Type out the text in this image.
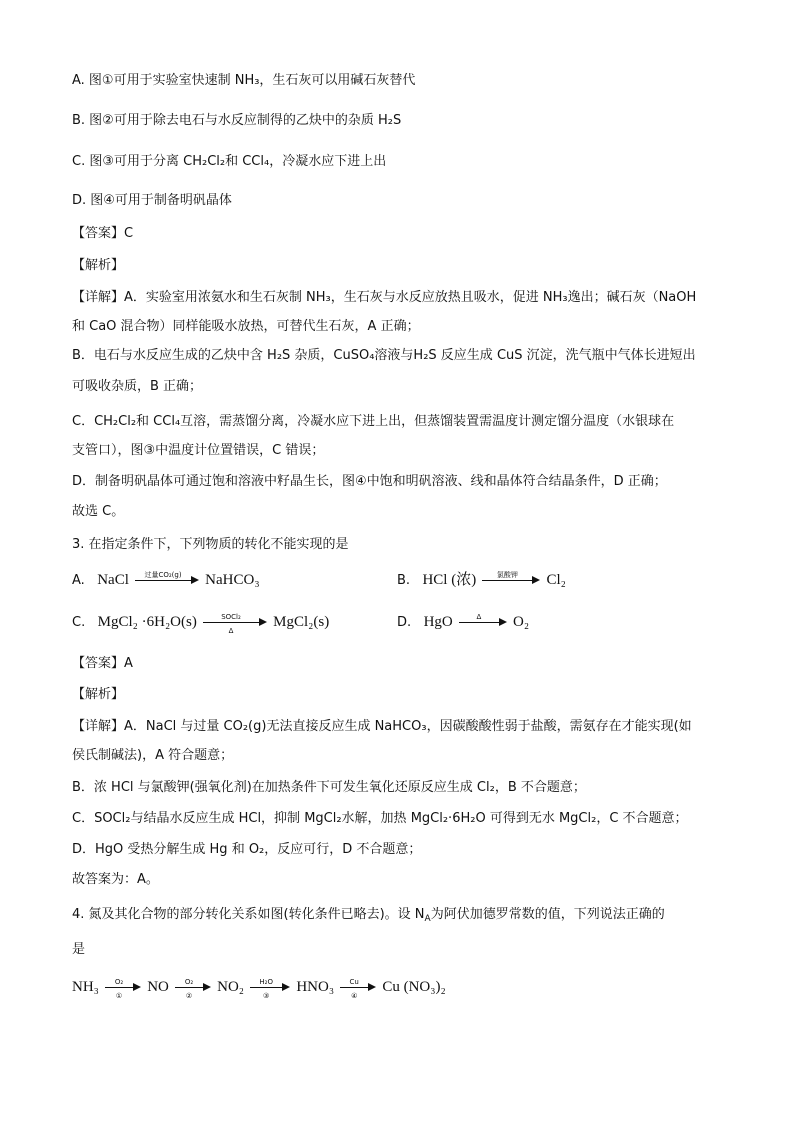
A. 图①可用于实验室快速制 NH₃，生石灰可以用碱石灰替代
B. 图②可用于除去电石与水反应制得的乙炔中的杂质 H₂S
C. 图③可用于分离 CH₂Cl₂和 CCl₄，冷凝水应下进上出
D. 图④可用于制备明矾晶体
【答案】C
【解析】
【详解】A．实验室用浓氨水和生石灰制 NH₃，生石灰与水反应放热且吸水，促进 NH₃逸出；碱石灰（NaOH
和 CaO 混合物）同样能吸水放热，可替代生石灰，A 正确；
B．电石与水反应生成的乙炔中含 H₂S 杂质，CuSO₄溶液与H₂S 反应生成 CuS 沉淀，洗气瓶中气体长进短出
可吸收杂质，B 正确；
C．CH₂Cl₂和 CCl₄互溶，需蒸馏分离，冷凝水应下进上出，但蒸馏装置需温度计测定馏分温度（水银球在
支管口），图③中温度计位置错误，C 错误；
D．制备明矾晶体可通过饱和溶液中籽晶生长，图④中饱和明矾溶液、线和晶体符合结晶条件，D 正确；
故选 C。
3. 在指定条件下，下列物质的转化不能实现的是
A. NaCl	过量CO₂(g)	NaHCO₃	B. HCl (浓)	氯酸钾	Cl₂
C. MgCl₂ ·6H₂O(s)	SOCl₂
Δ
MgCl₂(s)	D. HgO	Δ	O₂
【答案】A
【解析】
【详解】A．NaCl 与过量 CO₂(g)无法直接反应生成 NaHCO₃，因碳酸酸性弱于盐酸，需氨存在才能实现(如
侯氏制碱法)，A 符合题意；
B．浓 HCl 与氯酸钾(强氧化剂)在加热条件下可发生氧化还原反应生成 Cl₂，B 不合题意；
C．SOCl₂与结晶水反应生成 HCl，抑制 MgCl₂水解，加热 MgCl₂·6H₂O 可得到无水 MgCl₂，C 不合题意；
D．HgO 受热分解生成 Hg 和 O₂，反应可行，D 不合题意；
故答案为：A。
4. 氮及其化合物的部分转化关系如图(转化条件已略去)。设 $N_A$为阿伏加德罗常数的值，下列说法正确的
是
NH₃	O₂
①
NO	O₂
②
NO₂	H₂O
③
HNO₃	Cu
④
Cu (NO₃)₂
